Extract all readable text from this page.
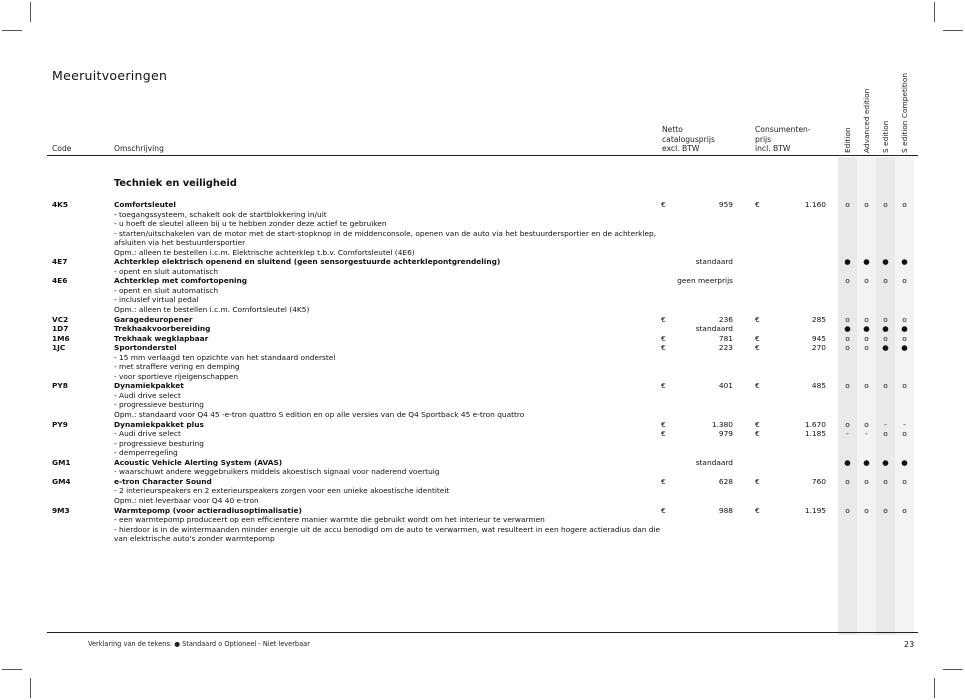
Meeruitvoeringen
Code	Omschrijving
Netto
catalogusprijs
excl. BTW
Consumenten-
prijs
incl. BTW	Edition Advanced edition S edition S edition Competition
Techniek en veiligheid
4K5	Comfortsleutel	€	959	€	1.160	o	o	o	o
- toegangssysteem, schakelt ook de startblokkering in/uit
- u hoeft de sleutel alleen bij u te hebben zonder deze actief te gebruiken
- starten/uitschakelen van de motor met de start-stopknop in de middenconsole, openen van de auto via het bestuurdersportier en de achterklep,
afsluiten via het bestuurdersportier
Opm.: alleen te bestellen i.c.m. Elektrische achterklep t.b.v. Comfortsleutel (4E6)
4E7	Achterklep elektrisch openend en sluitend (geen sensorgestuurde achterklepontgrendeling)	standaard	●	●	●	●
- opent en sluit automatisch
4E6	Achterklep met comfortopening	geen meerprijs	o	o	o	o
- opent en sluit automatisch
- inclusief virtual pedal
Opm.: alleen te bestellen i.c.m. Comfortsleutel (4K5)
VC2	Garagedeuropener	€	236	€	285	o	o	o	o
1D7	Trekhaakvoorbereiding	standaard	●	●	●	●
1M6	Trekhaak wegklapbaar	€	781	€	945	o	o	o	o
1JC	Sportonderstel	€	223	€	270	o	o	●	●
- 15 mm verlaagd ten opzichte van het standaard onderstel
- met straffere vering en demping
- voor sportieve rijeigenschappen
PY8	Dynamiekpakket	€	401	€	485	o	o	o	o
- Audi drive select
- progressieve besturing
Opm.: standaard voor Q4 45 -e-tron quattro S edition en op alle versies van de Q4 Sportback 45 e-tron quattro
PY9	Dynamiekpakket plus	€	1.380	€	1.670	o	o	-	-
- Audi drive select	€	979	€	1.185	-	-	o	o
- progressieve besturing
- demperregeling
GM1	Acoustic Vehicle Alerting System (AVAS)	standaard	●	●	●	●
- waarschuwt andere weggebruikers middels akoestisch signaal voor naderend voertuig
GM4	e-tron Character Sound	€	628	€	760	o	o	o	o
- 2 interieurspeakers en 2 exterieurspeakers zorgen voor een unieke akoestische identiteit
Opm.: niet leverbaar voor Q4 40 e-tron
9M3	Warmtepomp (voor actieradiusoptimalisatie)	€	988	€	1.195	o	o	o	o
- een warmtepomp produceert op een efficientere manier warmte die gebruikt wordt om het interieur te verwarmen
- hierdoor is in de wintermaanden minder energie uit de accu benodigd om de auto te verwarmen, wat resulteert in een hogere actieradius dan die
van elektrische auto's zonder warmtepomp
Verklaring van de tekens: ● Standaard o Optioneel - Niet leverbaar	23
